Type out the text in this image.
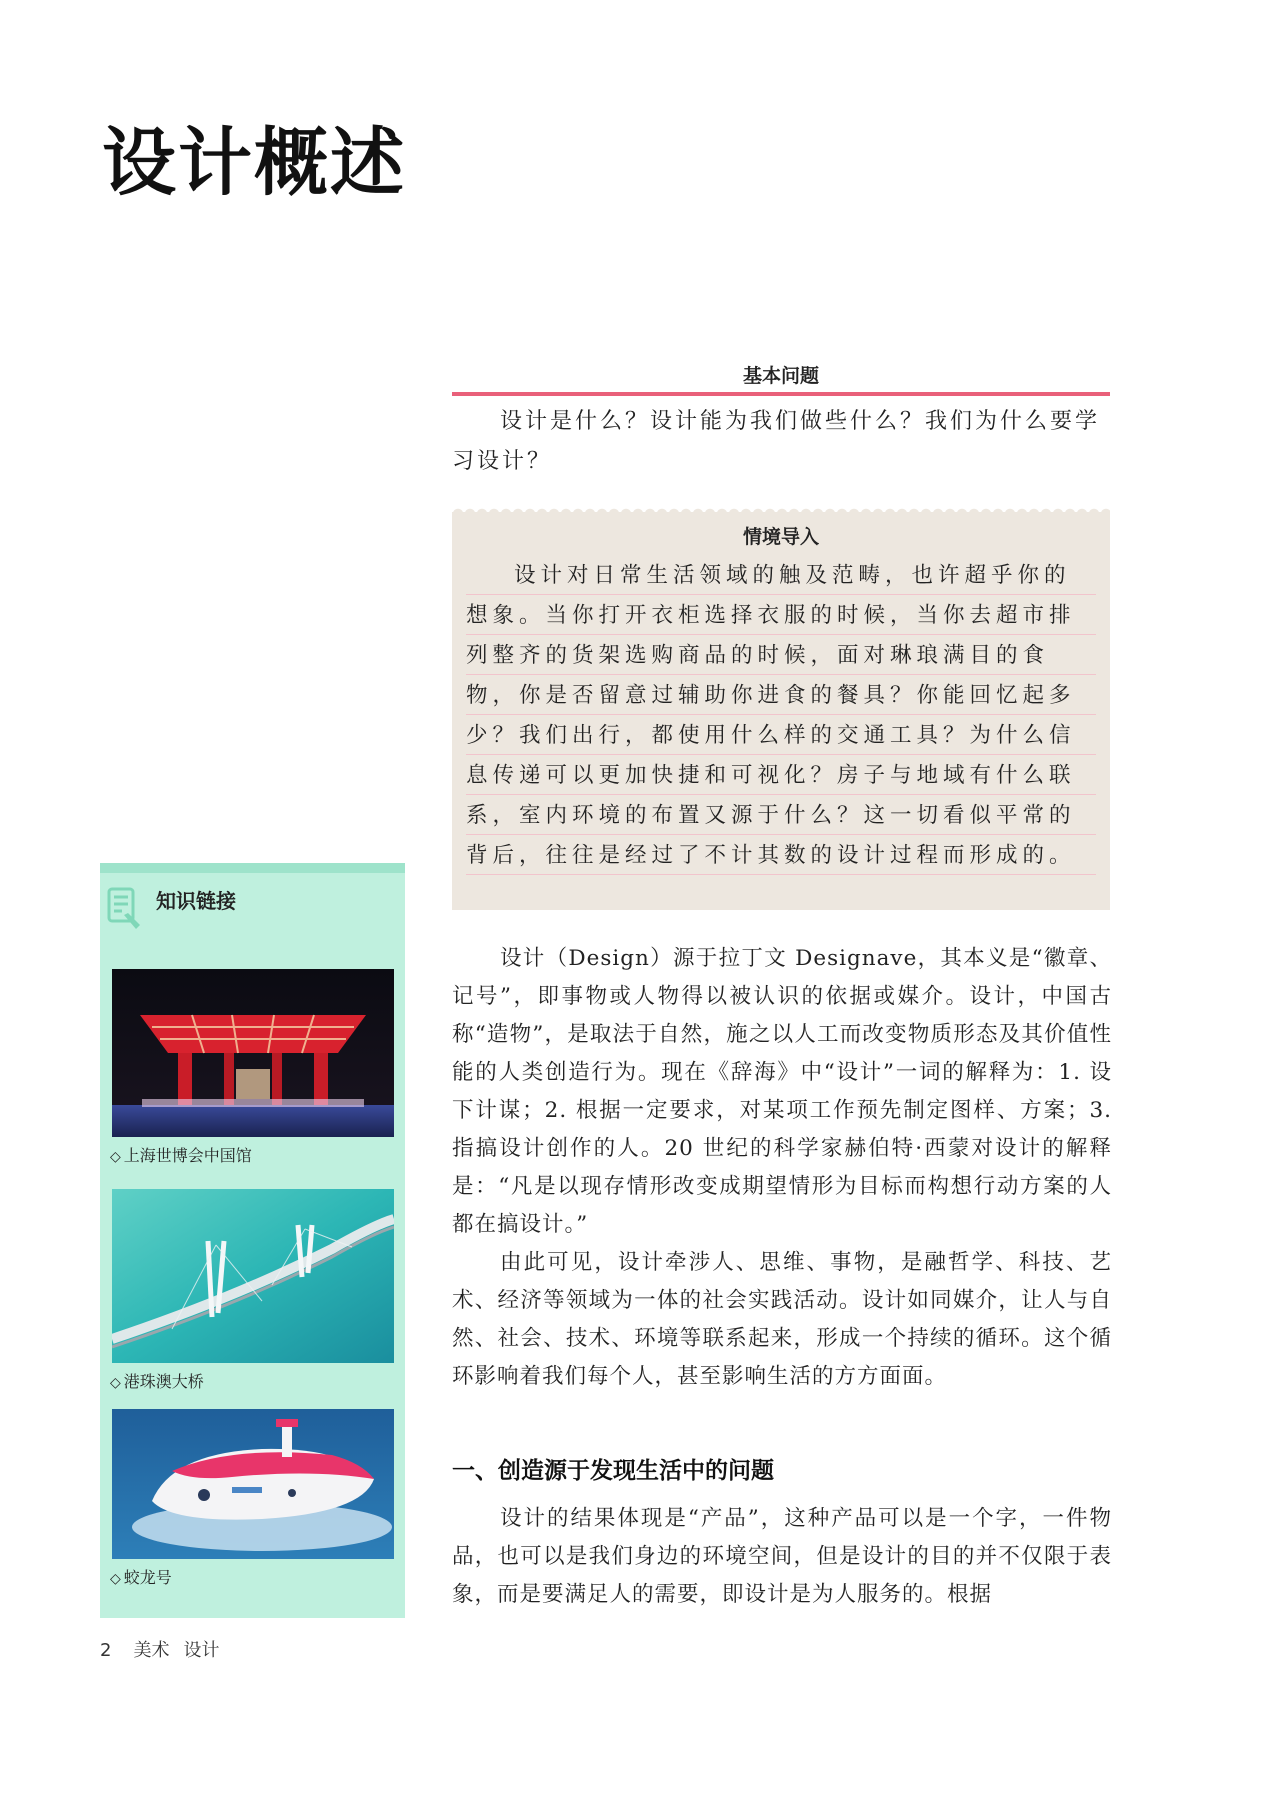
设计概述
基本问题

设计是什么？设计能为我们做些什么？我们为什么要学习设计？

情境导入

设计对日常生活领域的触及范畴，也许超乎你的想象。当你打开衣柜选择衣服的时候，当你去超市排列整齐的货架选购商品的时候，面对琳琅满目的食物，你是否留意过辅助你进食的餐具？你能回忆起多少？我们出行，都使用什么样的交通工具？为什么信息传递可以更加快捷和可视化？房子与地域有什么联系，室内环境的布置又源于什么？这一切看似平常的背后，往往是经过了不计其数的设计过程而形成的。

知识链接
◇ 上海世博会中国馆
◇ 港珠澳大桥
◇ 蛟龙号

设计（Design）源于拉丁文 Designave，其本义是“徽章、记号”，即事物或人物得以被认识的依据或媒介。设计，中国古称“造物”，是取法于自然，施之以人工而改变物质形态及其价值性能的人类创造行为。现在《辞海》中“设计”一词的解释为：1. 设下计谋；2. 根据一定要求，对某项工作预先制定图样、方案；3. 指搞设计创作的人。20 世纪的科学家赫伯特·西蒙对设计的解释是：“凡是以现存情形改变成期望情形为目标而构想行动方案的人都在搞设计。”

由此可见，设计牵涉人、思维、事物，是融哲学、科技、艺术、经济等领域为一体的社会实践活动。设计如同媒介，让人与自然、社会、技术、环境等联系起来，形成一个持续的循环。这个循环影响着我们每个人，甚至影响生活的方方面面。

一、创造源于发现生活中的问题

设计的结果体现是“产品”，这种产品可以是一个字，一件物品，也可以是我们身边的环境空间，但是设计的目的并不仅限于表象，而是要满足人的需要，即设计是为人服务的。根据

2 美术 设计
